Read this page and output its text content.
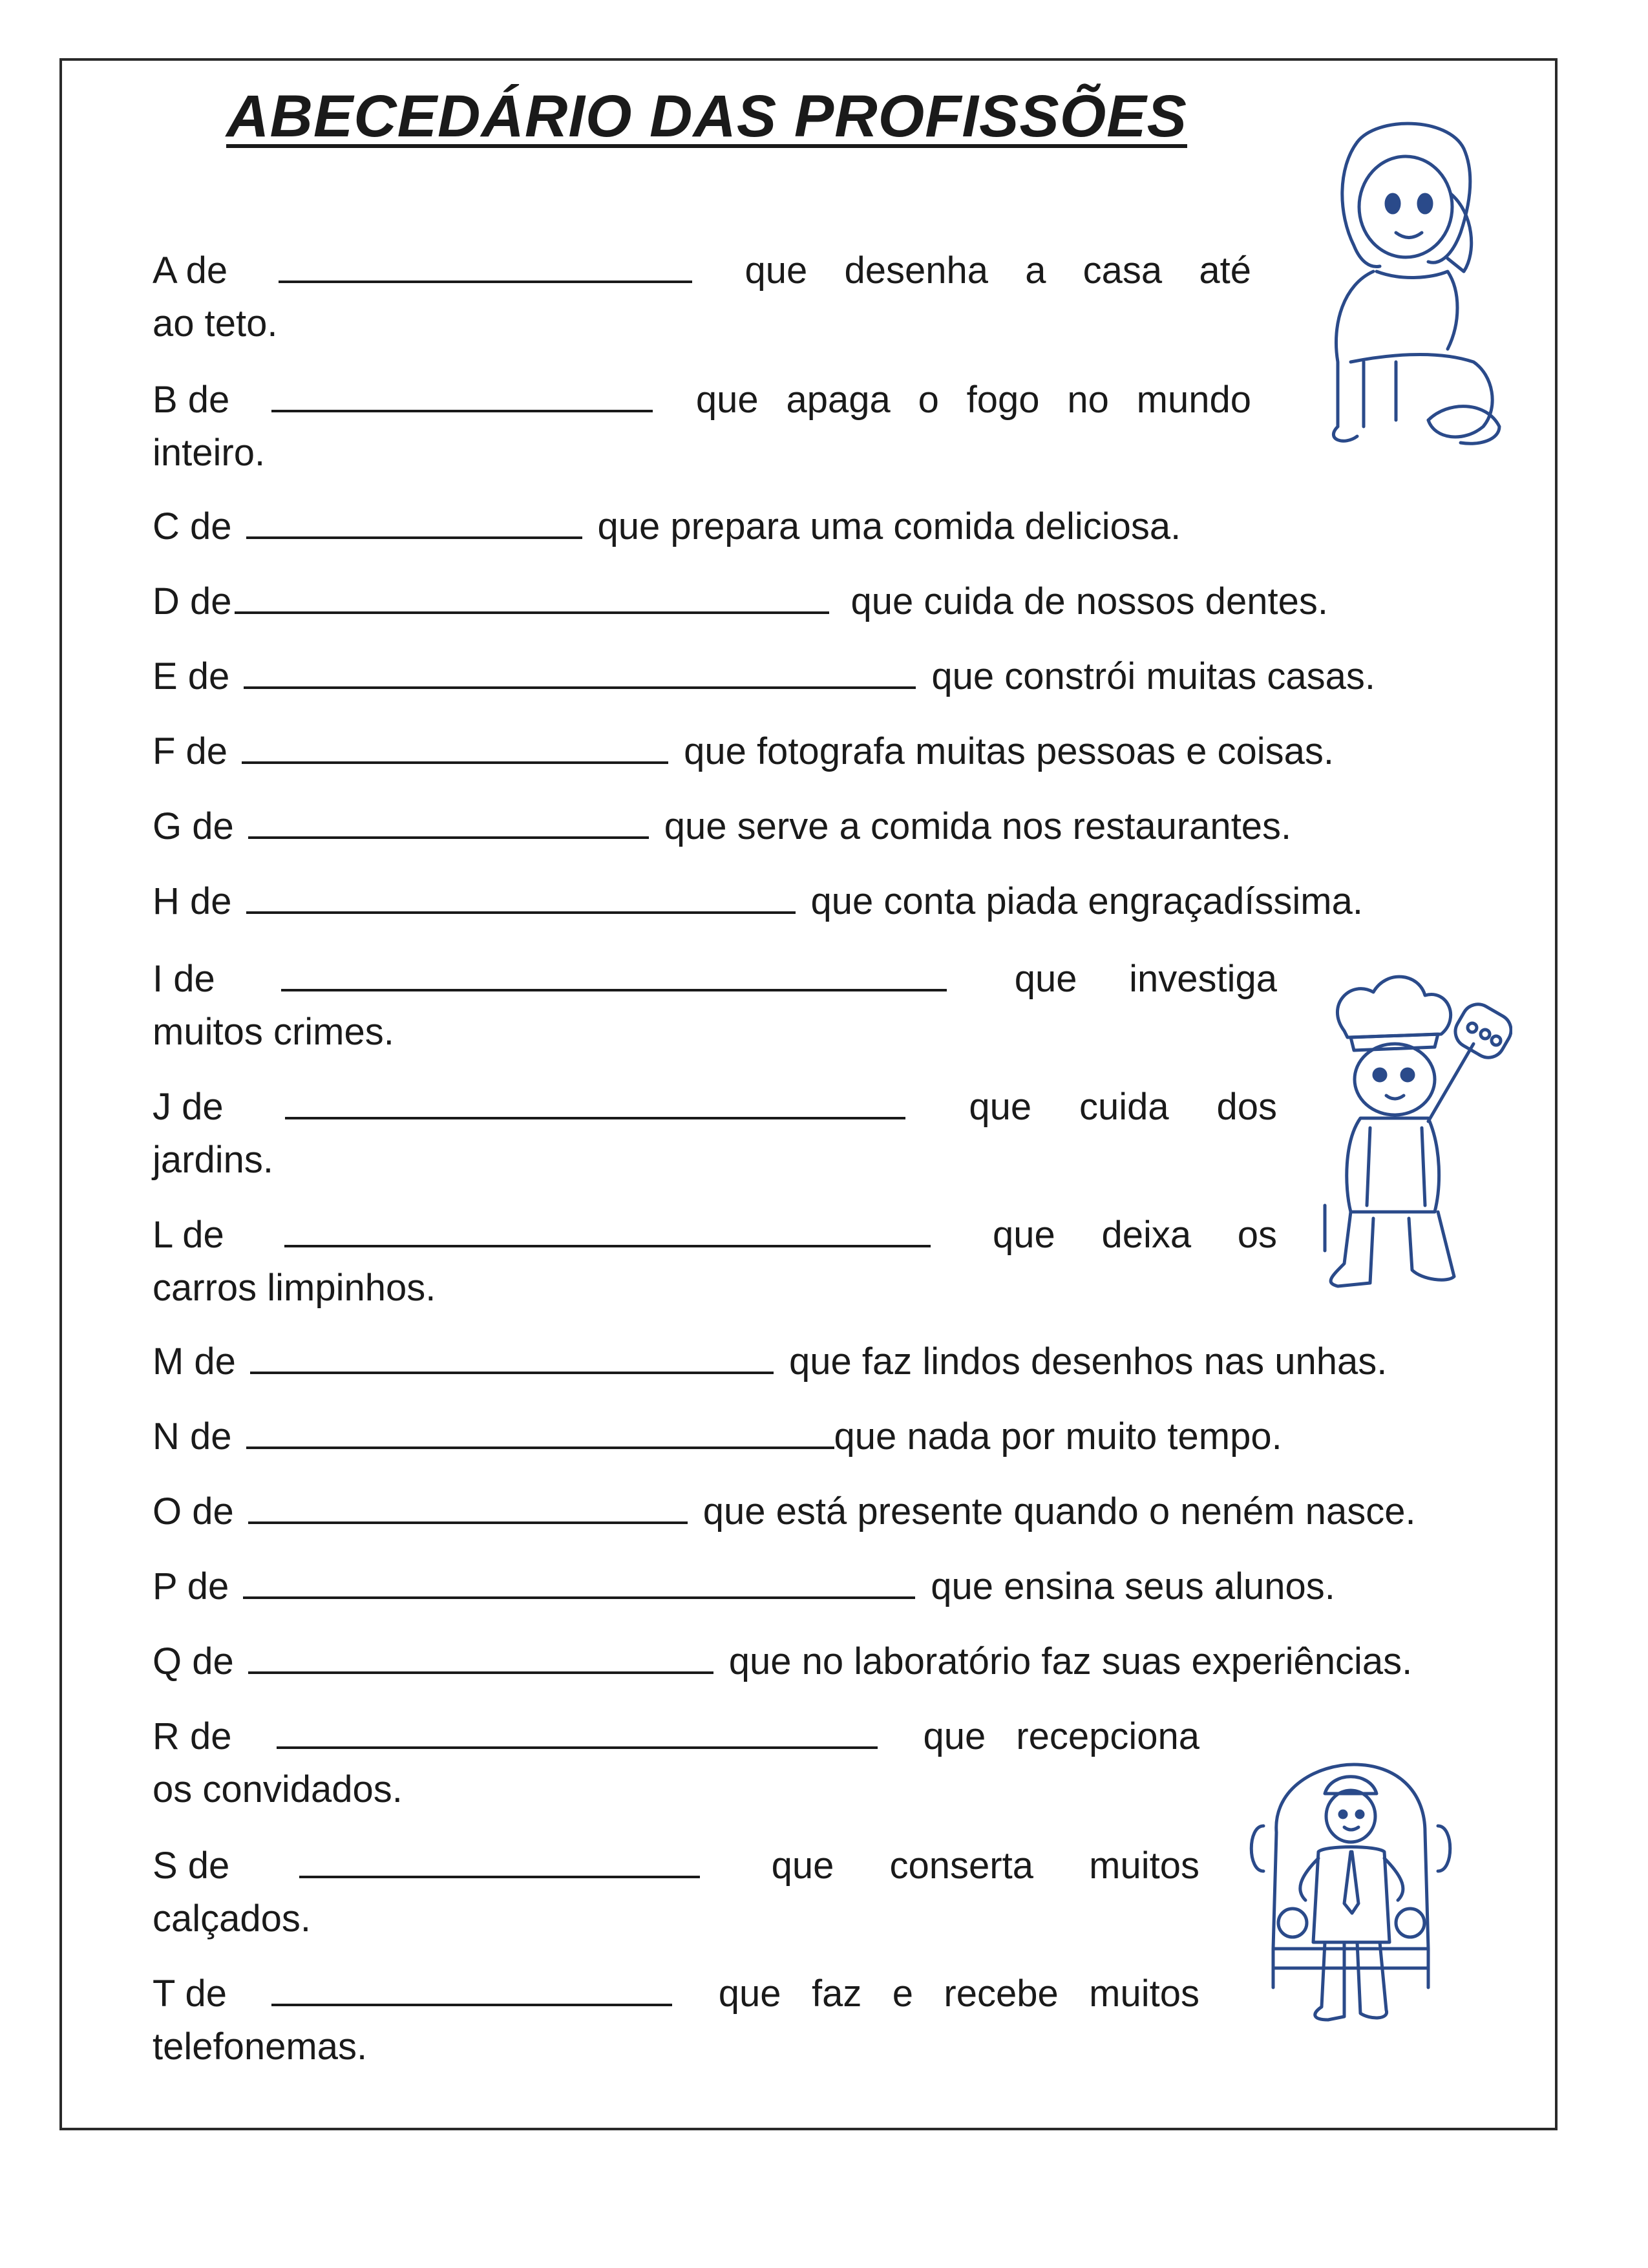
ABECEDÁRIO DAS PROFISSÕES
A de	que desenha a casa até
ao teto.
B de	que apaga o fogo no mundo
inteiro.
C de	que prepara uma comida deliciosa.
D de	que cuida de nossos dentes.
E de	que constrói muitas casas.
F de	que fotografa muitas pessoas e coisas.
G de	que serve a comida nos restaurantes.
H de	que conta piada engraçadíssima.
I de	que investiga
muitos crimes.
J de	que cuida dos
jardins.
L de	que deixa os
carros limpinhos.
M de	que faz lindos desenhos nas unhas.
N de	que nada por muito tempo.
O de	que está presente quando o neném nasce.
P de	que ensina seus alunos.
Q de	que no laboratório faz suas experiências.
R de	que recepciona
os convidados.
S de	que conserta muitos
calçados.
T de	que faz e recebe muitos
telefonemas.
